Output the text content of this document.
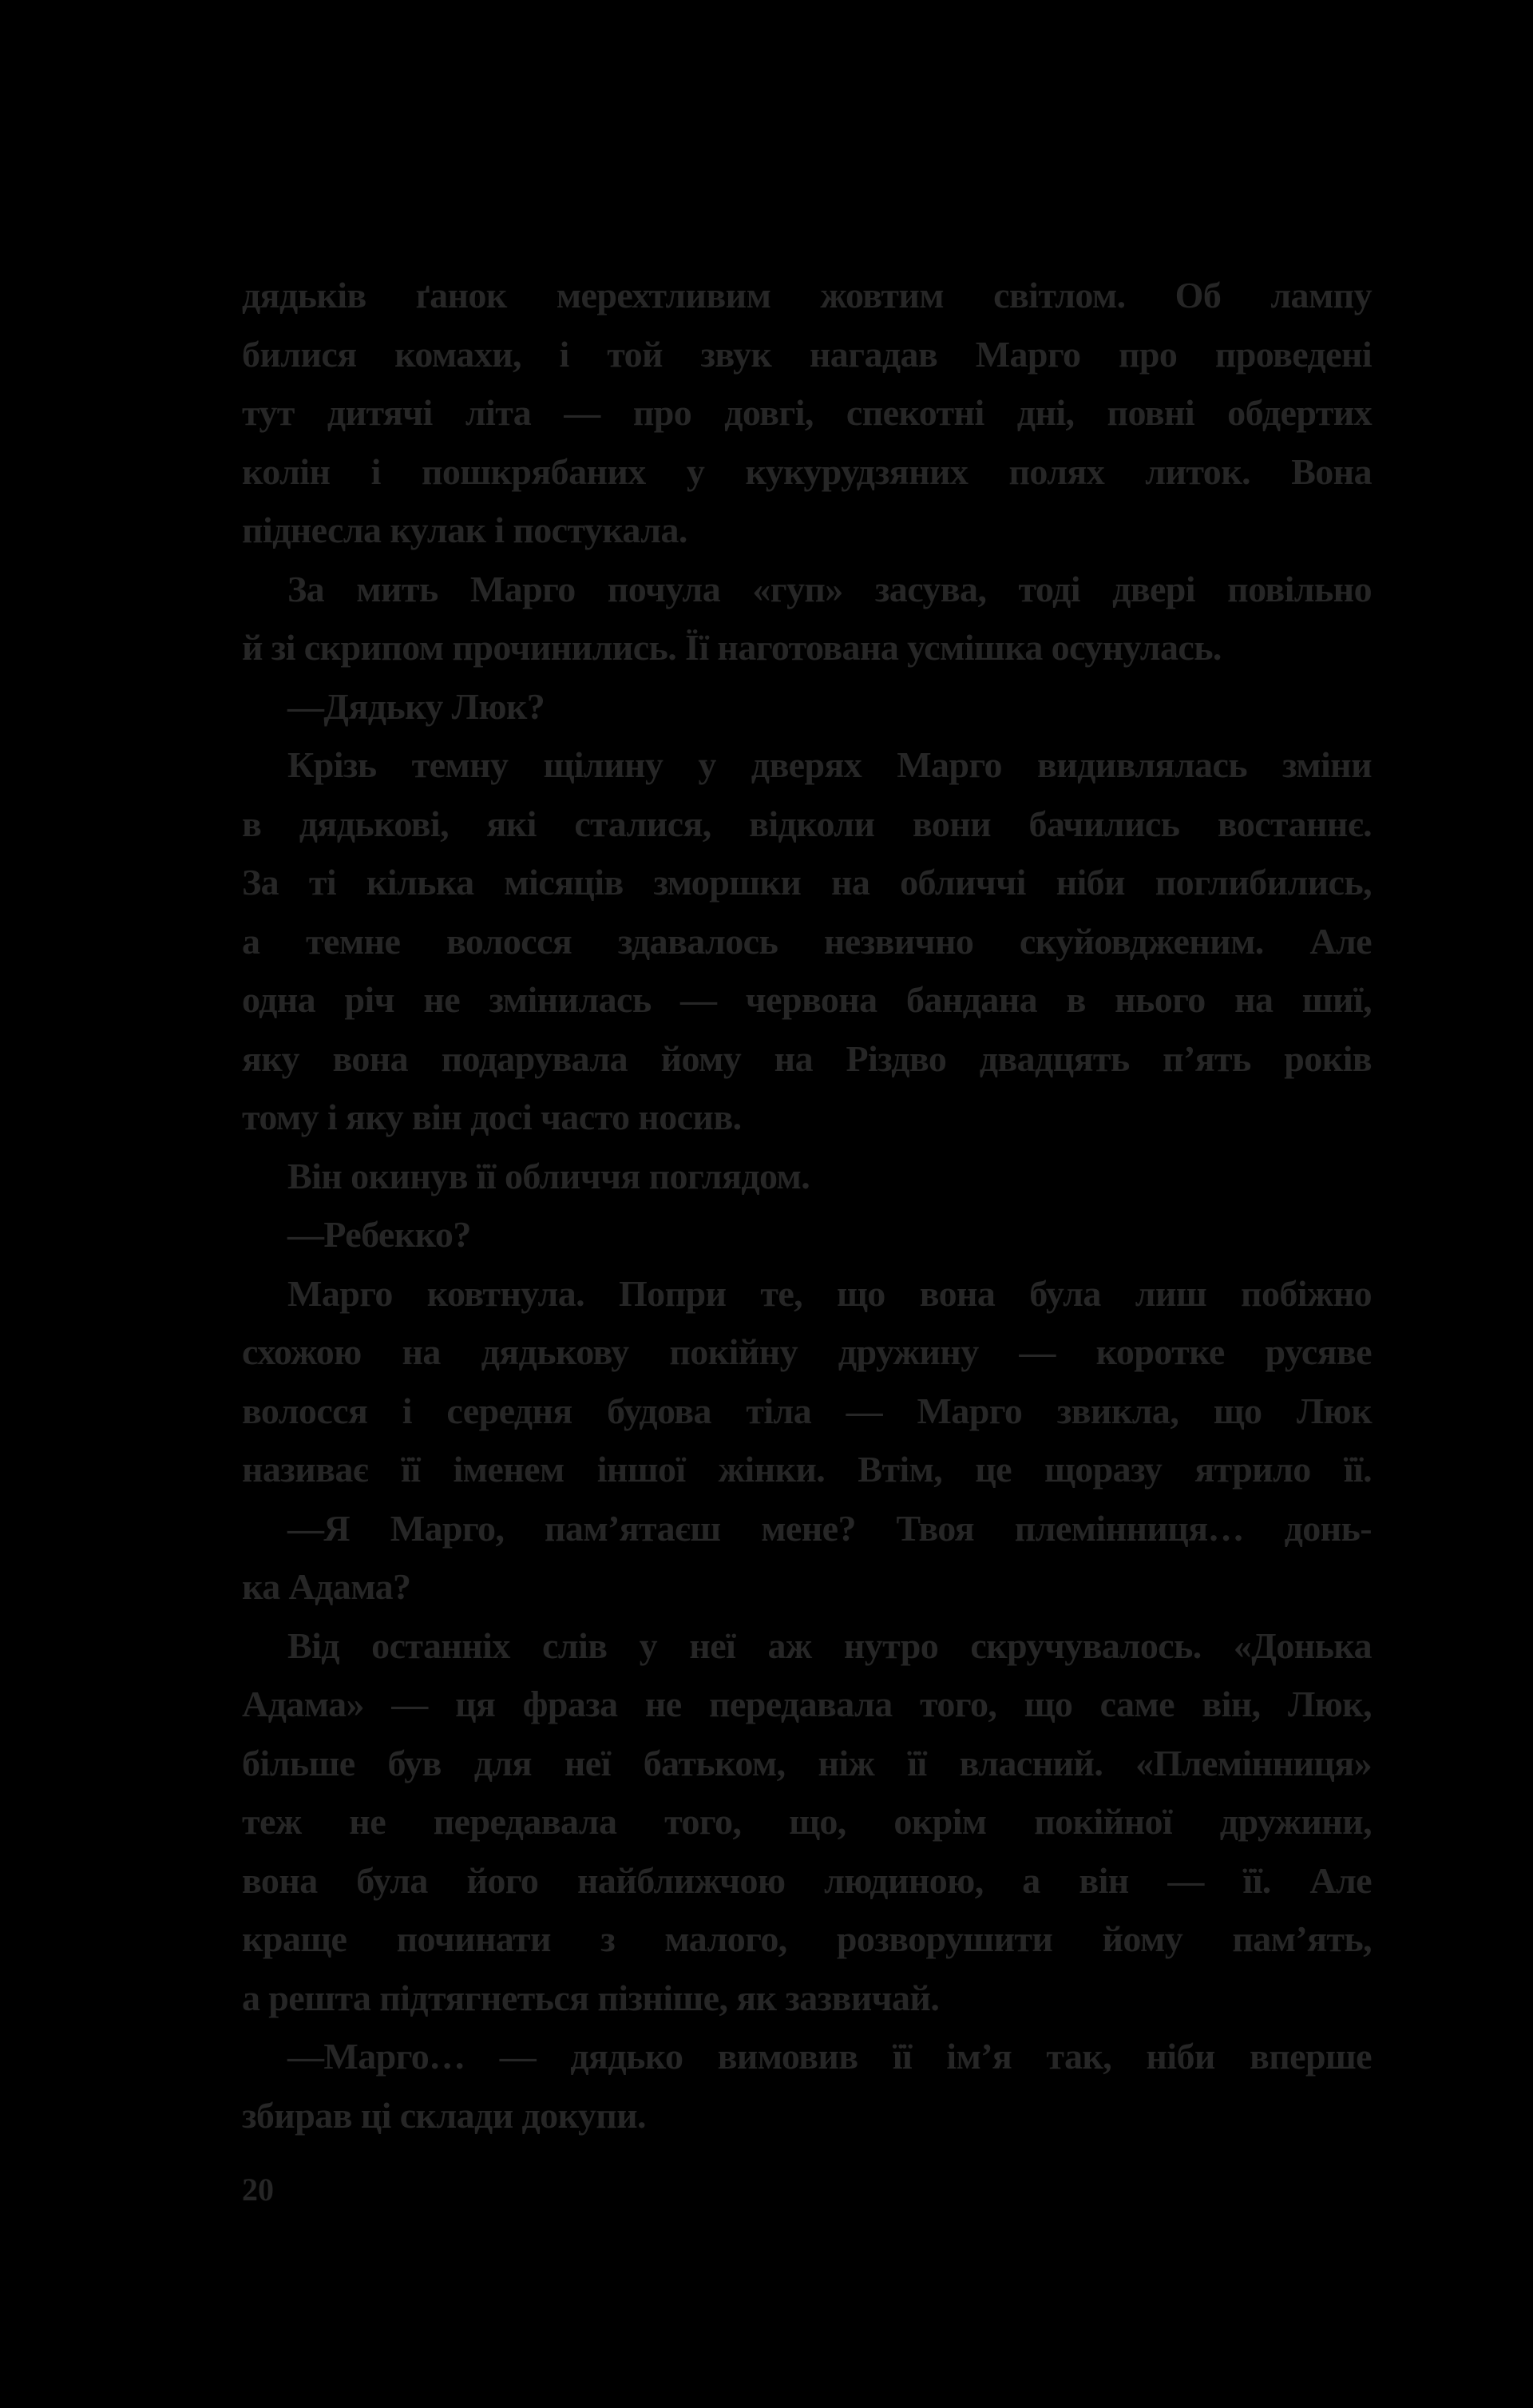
дядьків ґанок мерехтливим жовтим світлом. Об лампу
билися комахи, і той звук нагадав Марго про проведені
тут дитячі літа — про довгі, спекотні дні, повні обдертих
колін і пошкрябаних у кукурудзяних полях литок. Вона
піднесла кулак і постукала.
За мить Марго почула «гуп» засува, тоді двері повільно
й зі скрипом прочинились. Її наготована усмішка осунулась.
—Дядьку Люк?
Крізь темну щілину у дверях Марго видивлялась зміни
в дядькові, які сталися, відколи вони бачились востаннє.
За ті кілька місяців зморшки на обличчі ніби поглибились,
а темне волосся здавалось незвично скуйовдженим. Але
одна річ не змінилась — червона бандана в нього на шиї,
яку вона подарувала йому на Різдво двадцять п’ять років
тому і яку він досі часто носив.
Він окинув її обличчя поглядом.
—Ребекко?
Марго ковтнула. Попри те, що вона була лиш побіжно
схожою на дядькову покійну дружину — коротке русяве
волосся і середня будова тіла — Марго звикла, що Люк
називає її іменем іншої жінки. Втім, це щоразу ятрило її.
—Я Марго, пам’ятаєш мене? Твоя племінниця… донь-
ка Адама?
Від останніх слів у неї аж нутро скручувалось. «Донька
Адама» — ця фраза не передавала того, що саме він, Люк,
більше був для неї батьком, ніж її власний. «Племінниця»
теж не передавала того, що, окрім покійної дружини,
вона була його найближчою людиною, а він — її. Але
краще починати з малого, розворушити йому пам’ять,
а решта підтягнеться пізніше, як зазвичай.
—Марго… — дядько вимовив її ім’я так, ніби вперше
збирав ці склади докупи.
20
